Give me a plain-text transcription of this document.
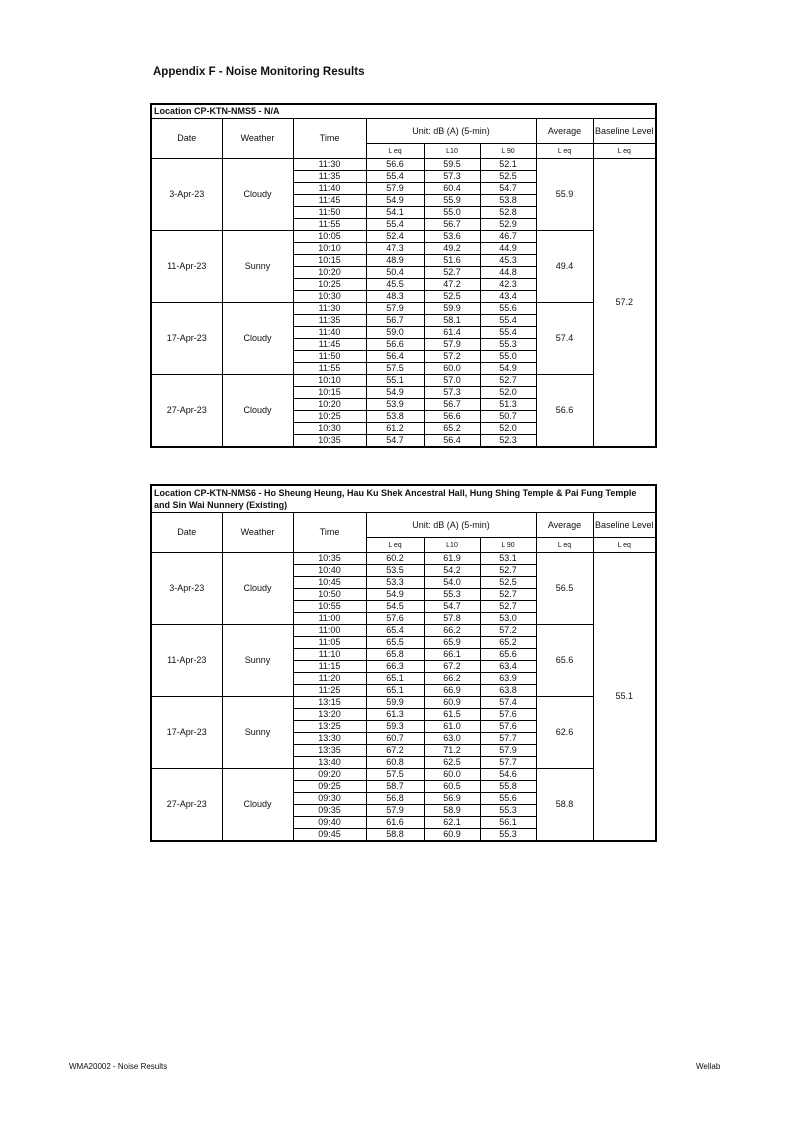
Appendix F - Noise Monitoring Results
Location CP-KTN-NMS5 - N/A							
Date	Weather	Time	Unit: dB (A) (5-min)			Average	Baseline Level
			L eq	L10	L 90	L eq	L eq
3-Apr-23	Cloudy	11:30	56.6	59.5	52.1	55.9	57.2
		11:35	55.4	57.3	52.5		
		11:40	57.9	60.4	54.7		
		11:45	54.9	55.9	53.8		
		11:50	54.1	55.0	52.8		
		11:55	55.4	56.7	52.9		
11-Apr-23	Sunny	10:05	52.4	53.6	46.7	49.4	
		10:10	47.3	49.2	44.9		
		10:15	48.9	51.6	45.3		
		10:20	50.4	52.7	44.8		
		10:25	45.5	47.2	42.3		
		10:30	48.3	52.5	43.4		
17-Apr-23	Cloudy	11:30	57.9	59.9	55.6	57.4	
		11:35	56.7	58.1	55.4		
		11:40	59.0	61.4	55.4		
		11:45	56.6	57.9	55.3		
		11:50	56.4	57.2	55.0		
		11:55	57.5	60.0	54.9		
27-Apr-23	Cloudy	10:10	55.1	57.0	52.7	56.6	
		10:15	54.9	57.3	52.0		
		10:20	53.9	56.7	51.3		
		10:25	53.8	56.6	50.7		
		10:30	61.2	65.2	52.0		
		10:35	54.7	56.4	52.3		
Location CP-KTN-NMS6 - Ho Sheung Heung, Hau Ku Shek Ancestral Hall, Hung Shing Temple & Pai Fung Temple and Sin Wai Nunnery (Existing)							
Date	Weather	Time	Unit: dB (A) (5-min)			Average	Baseline Level
			L eq	L10	L 90	L eq	L eq
3-Apr-23	Cloudy	10:35	60.2	61.9	53.1	56.5	55.1
		10:40	53.5	54.2	52.7		
		10:45	53.3	54.0	52.5		
		10:50	54.9	55.3	52.7		
		10:55	54.5	54.7	52.7		
		11:00	57.6	57.8	53.0		
11-Apr-23	Sunny	11:00	65.4	66.2	57.2	65.6	
		11:05	65.5	65.9	65.2		
		11:10	65.8	66.1	65.6		
		11:15	66.3	67.2	63.4		
		11:20	65.1	66.2	63.9		
		11:25	65.1	66.9	63.8		
17-Apr-23	Sunny	13:15	59.9	60.9	57.4	62.6	
		13:20	61.3	61.5	57.6		
		13:25	59.3	61.0	57.6		
		13:30	60.7	63.0	57.7		
		13:35	67.2	71.2	57.9		
		13:40	60.8	62.5	57.7		
27-Apr-23	Cloudy	09:20	57.5	60.0	54.6	58.8	
		09:25	58.7	60.5	55.8		
		09:30	56.8	56.9	55.6		
		09:35	57.9	58.9	55.3		
		09:40	61.6	62.1	56.1		
		09:45	58.8	60.9	55.3		
WMA20002 - Noise Results	Wellab
